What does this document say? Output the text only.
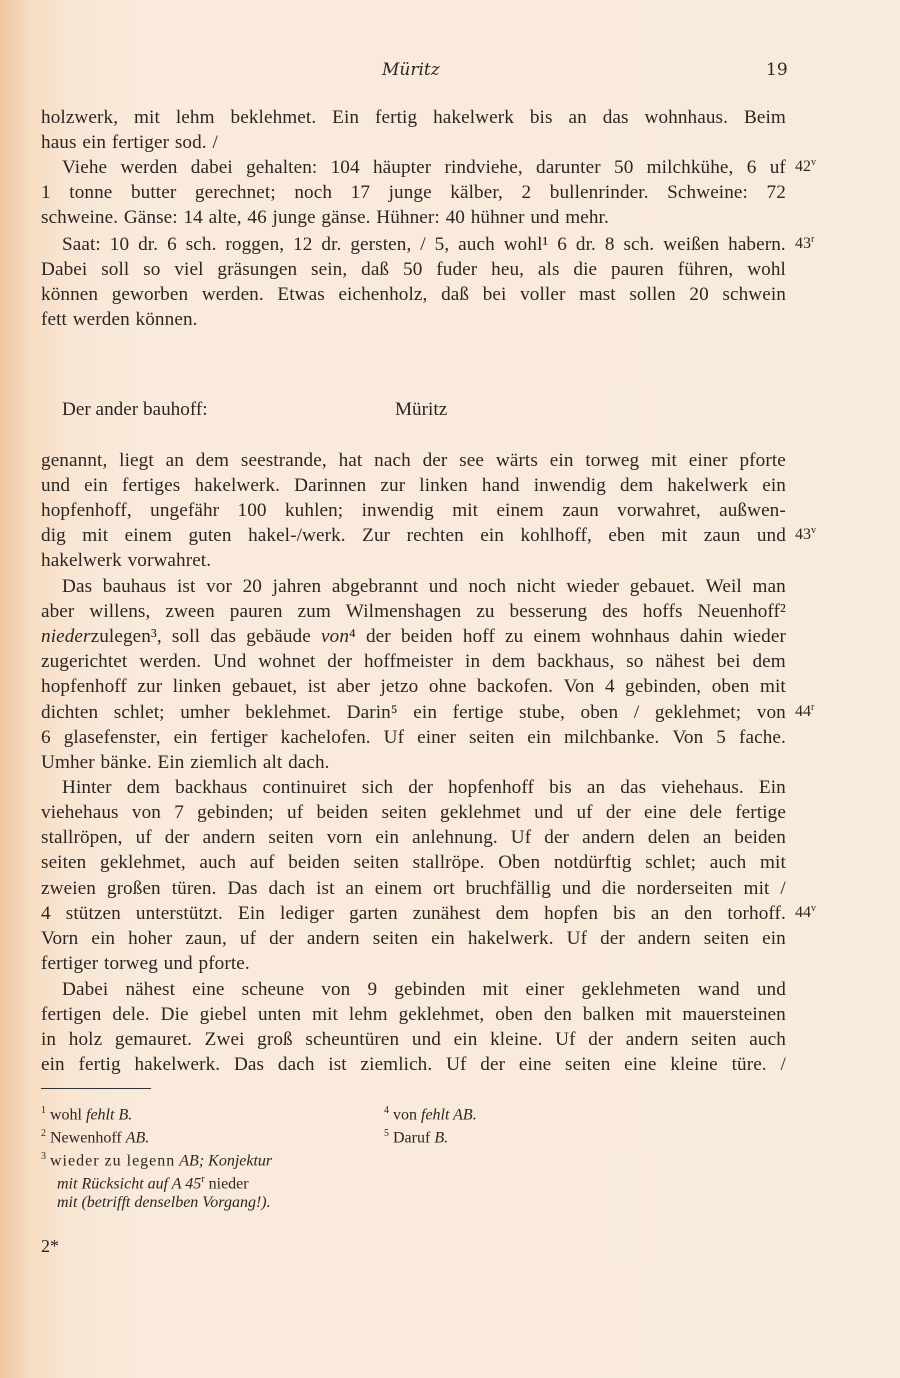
Müritz	19
holzwerk, mit lehm beklehmet. Ein fertig hakelwerk bis an das wohnhaus. Beim
haus ein fertiger sod. /
Viehe werden dabei gehalten: 104 häupter rindviehe, darunter 50 milchkühe, 6 uf
1 tonne butter gerechnet; noch 17 junge kälber, 2 bullenrinder. Schweine: 72
schweine. Gänse: 14 alte, 46 junge gänse. Hühner: 40 hühner und mehr.
Saat: 10 dr. 6 sch. roggen, 12 dr. gersten, / 5, auch wohl¹ 6 dr. 8 sch. weißen habern.
Dabei soll so viel gräsungen sein, daß 50 fuder heu, als die pauren führen, wohl
können geworben werden. Etwas eichenholz, daß bei voller mast sollen 20 schwein
fett werden können.
42$^v$
43$^r$
Der ander bauhoff:	Müritz
genannt, liegt an dem seestrande, hat nach der see wärts ein torweg mit einer pforte
und ein fertiges hakelwerk. Darinnen zur linken hand inwendig dem hakelwerk ein
hopfenhoff, ungefähr 100 kuhlen; inwendig mit einem zaun vorwahret, außwen-
dig mit einem guten hakel-/werk. Zur rechten ein kohlhoff, eben mit zaun und
hakelwerk vorwahret.
Das bauhaus ist vor 20 jahren abgebrannt und noch nicht wieder gebauet. Weil man
aber willens, zween pauren zum Wilmenshagen zu besserung des hoffs Neuenhoff²
niederzulegen³, soll das gebäude von⁴ der beiden hoff zu einem wohnhaus dahin wieder
zugerichtet werden. Und wohnet der hoffmeister in dem backhaus, so nähest bei dem
hopfenhoff zur linken gebauet, ist aber jetzo ohne backofen. Von 4 gebinden, oben mit
dichten schlet; umher beklehmet. Darin⁵ ein fertige stube, oben / geklehmet; von
6 glasefenster, ein fertiger kachelofen. Uf einer seiten ein milchbanke. Von 5 fache.
Umher bänke. Ein ziemlich alt dach.
Hinter dem backhaus continuiret sich der hopfenhoff bis an das viehehaus. Ein
viehehaus von 7 gebinden; uf beiden seiten geklehmet und uf der eine dele fertige
stallröpen, uf der andern seiten vorn ein anlehnung. Uf der andern delen an beiden
seiten geklehmet, auch auf beiden seiten stallröpe. Oben notdürftig schlet; auch mit
zweien großen türen. Das dach ist an einem ort bruchfällig und die norderseiten mit /
4 stützen unterstützt. Ein lediger garten zunähest dem hopfen bis an den torhoff.
Vorn ein hoher zaun, uf der andern seiten ein hakelwerk. Uf der andern seiten ein
fertiger torweg und pforte.
Dabei nähest eine scheune von 9 gebinden mit einer geklehmeten wand und
fertigen dele. Die giebel unten mit lehm geklehmet, oben den balken mit mauersteinen
in holz gemauret. Zwei groß scheuntüren und ein kleine. Uf der andern seiten auch
ein fertig hakelwerk. Das dach ist ziemlich. Uf der eine seiten eine kleine türe. /
43$^v$
44$^r$
44$^v$
$^1$ wohl fehlt B.
$^2$ Newenhoff AB.
$^3$ wieder zu legenn AB; Konjektur
mit Rücksicht auf A 45$^r$ nieder
mit (betrifft denselben Vorgang!).
$^4$ von fehlt AB.
$^5$ Daruf B.
2*
